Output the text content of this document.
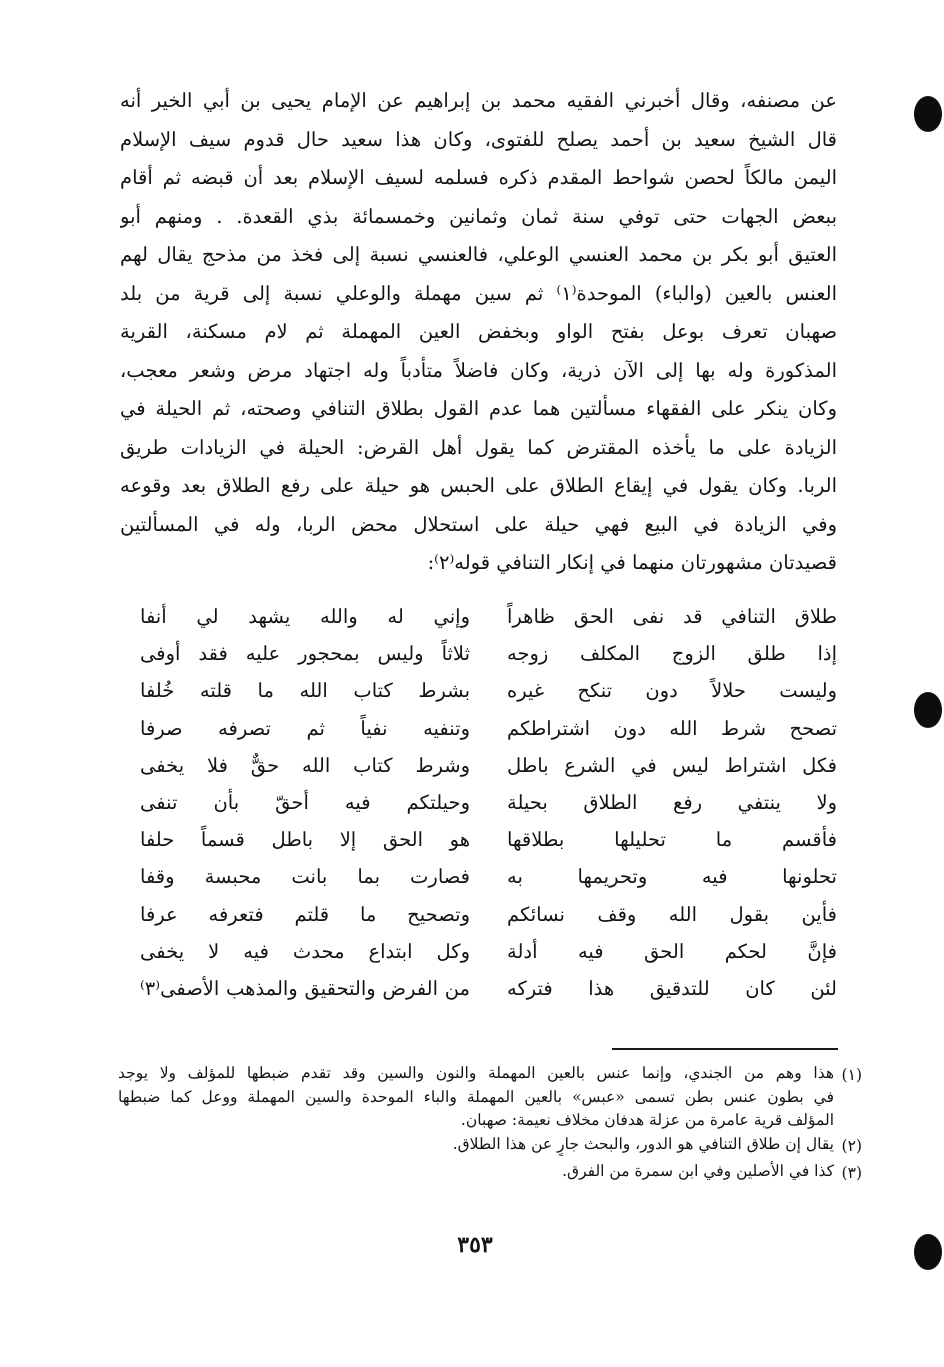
عن مصنفه، وقال أخبرني الفقيه محمد بن إبراهيم عن الإمام يحيى بن أبي الخير أنه
قال الشيخ سعيد بن أحمد يصلح للفتوى، وكان هذا سعيد حال قدوم سيف الإسلام
اليمن مالكاً لحصن شواحط المقدم ذكره فسلمه لسيف الإسلام بعد أن قبضه ثم أقام
ببعض الجهات حتى توفي سنة ثمان وثمانين وخمسمائة بذي القعدة. . ومنهم أبو
العتيق أبو بكر بن محمد العنسي الوعلي، فالعنسي نسبة إلى فخذ من مذحج يقال لهم
العنس بالعين (والباء) الموحدة⁽١⁾ ثم سين مهملة والوعلي نسبة إلى قرية من بلد
صهبان تعرف بوعل بفتح الواو وبخفض العين المهملة ثم لام مسكنة، القرية
المذكورة وله بها إلى الآن ذرية، وكان فاضلاً متأدباً وله اجتهاد مرض وشعر معجب،
وكان ينكر على الفقهاء مسألتين هما عدم القول بطلاق التنافي وصحته، ثم الحيلة في
الزيادة على ما يأخذه المقترض كما يقول أهل القرض: الحيلة في الزيادات طريق
الربا. وكان يقول في إيقاع الطلاق على الحبس هو حيلة على رفع الطلاق بعد وقوعه
وفي الزيادة في البيع فهي حيلة على استحلال محض الربا، وله في المسألتين
قصيدتان مشهورتان منهما في إنكار التنافي قوله⁽٢⁾:
طلاق التنافي قد نفى الحق ظاهراً
وإني له والله يشهد لي أنفا
إذا طلق الزوج المكلف زوجه
ثلاثاً وليس بمحجور عليه فقد أوفى
وليست حلالاً دون تنكح غيره
بشرط كتاب الله ما قلته خُلفا
تصحح شرط الله دون اشتراطكم
وتنفيه نفياً ثم تصرفه صرفا
فكل اشتراط ليس في الشرع باطل
وشرط كتاب الله حقٌّ فلا يخفى
ولا ينتفي رفع الطلاق بحيلة
وحيلتكم فيه أحقّ بأن تنفى
فأقسم ما تحليلها بطلاقها
هو الحق إلا باطل قسماً حلفا
تحلونها فيه وتحريمها به
فصارت بما بانت محبسة وقفا
فأين بقول الله وقف نسائكم
وتصحيح ما قلتم فتعرفه عرفا
فإنَّ لحكم الحق فيه أدلة
وكل ابتداع محدث فيه لا يخفى
لئن كان للتدقيق هذا فتركه
من الفرض والتحقيق والمذهب الأصفى⁽٣⁾
(١)
هذا وهم من الجندي، وإنما عنس بالعين المهملة والنون والسين وقد تقدم ضبطها للمؤلف ولا يوجد
في بطون عنس بطن تسمى «عبس» بالعين المهملة والباء الموحدة والسين المهملة ووعل كما ضبطها
المؤلف قرية عامرة من عزلة هدفان مخلاف نعيمة: صهبان.
(٢)
يقال إن طلاق التنافي هو الدور، والبحث جارٍ عن هذا الطلاق.
(٣)
كذا في الأصلين وفي ابن سمرة من الفرق.
٣٥٣
